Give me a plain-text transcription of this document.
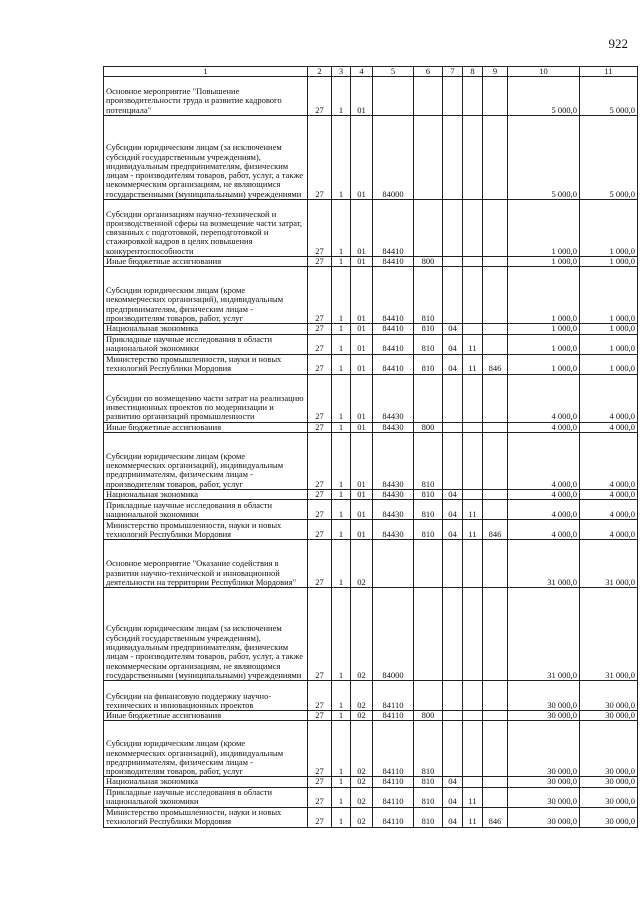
922
1	2	3	4	5	6	7	8	9	10	11
Основное мероприятие "Повышение производительности труда и развитие кадрового потенциала"	27	1	01						5 000,0	5 000,0
Субсидии юридическим лицам (за исключением субсидий государственным учреждениям), индивидуальным предпринимателям, физическим лицам - производителям товаров, работ, услуг, а также некоммерческим организациям, не являющимся государственными (муниципальными) учреждениями	27	1	01	84000					5 000,0	5 000,0
Субсидии организациям научно-технической и производственной сферы на возмещение части затрат, связанных с подготовкой, переподготовкой и стажировкой кадров в целях повышения конкурентоспособности	27	1	01	84410					1 000,0	1 000,0
Иные бюджетные ассигнования	27	1	01	84410	800				1 000,0	1 000,0
Субсидии юридическим лицам (кроме некоммерческих организаций), индивидуальным предпринимателям, физическим лицам - производителям товаров, работ, услуг	27	1	01	84410	810				1 000,0	1 000,0
Национальная экономика	27	1	01	84410	810	04			1 000,0	1 000,0
Прикладные научные исследования в области национальной экономики	27	1	01	84410	810	04	11		1 000,0	1 000,0
Министерство промышленности, науки и новых технологий Республики Мордовия	27	1	01	84410	810	04	11	846	1 000,0	1 000,0
Субсидии по возмещению части затрат на реализацию инвестиционных проектов по модернизации и развитию организаций промышленности	27	1	01	84430					4 000,0	4 000,0
Иные бюджетные ассигнования	27	1	01	84430	800				4 000,0	4 000,0
Субсидии юридическим лицам (кроме некоммерческих организаций), индивидуальным предпринимателям, физическим лицам - производителям товаров, работ, услуг	27	1	01	84430	810				4 000,0	4 000,0
Национальная экономика	27	1	01	84430	810	04			4 000,0	4 000,0
Прикладные научные исследования в области национальной экономики	27	1	01	84430	810	04	11		4 000,0	4 000,0
Министерство промышленности, науки и новых технологий Республики Мордовия	27	1	01	84430	810	04	11	846	4 000,0	4 000,0
Основное мероприятие "Оказание содействия в развитии научно-технической и инновационной деятельности на территории Республики Мордовия"	27	1	02						31 000,0	31 000,0
Субсидии юридическим лицам (за исключением субсидий государственным учреждениям), индивидуальным предпринимателям, физическим лицам - производителям товаров, работ, услуг, а также некоммерческим организациям, не являющимся государственными (муниципальными) учреждениями	27	1	02	84000					31 000,0	31 000,0
Субсидии на финансовую поддержку научно-технических и инновационных проектов	27	1	02	84110					30 000,0	30 000,0
Иные бюджетные ассигнования	27	1	02	84110	800				30 000,0	30 000,0
Субсидии юридическим лицам (кроме некоммерческих организаций), индивидуальным предпринимателям, физическим лицам - производителям товаров, работ, услуг	27	1	02	84110	810				30 000,0	30 000,0
Национальная экономика	27	1	02	84110	810	04			30 000,0	30 000,0
Прикладные научные исследования в области национальной экономики	27	1	02	84110	810	04	11		30 000,0	30 000,0
Министерство промышленности, науки и новых технологий Республики Мордовия	27	1	02	84110	810	04	11	846	30 000,0	30 000,0
